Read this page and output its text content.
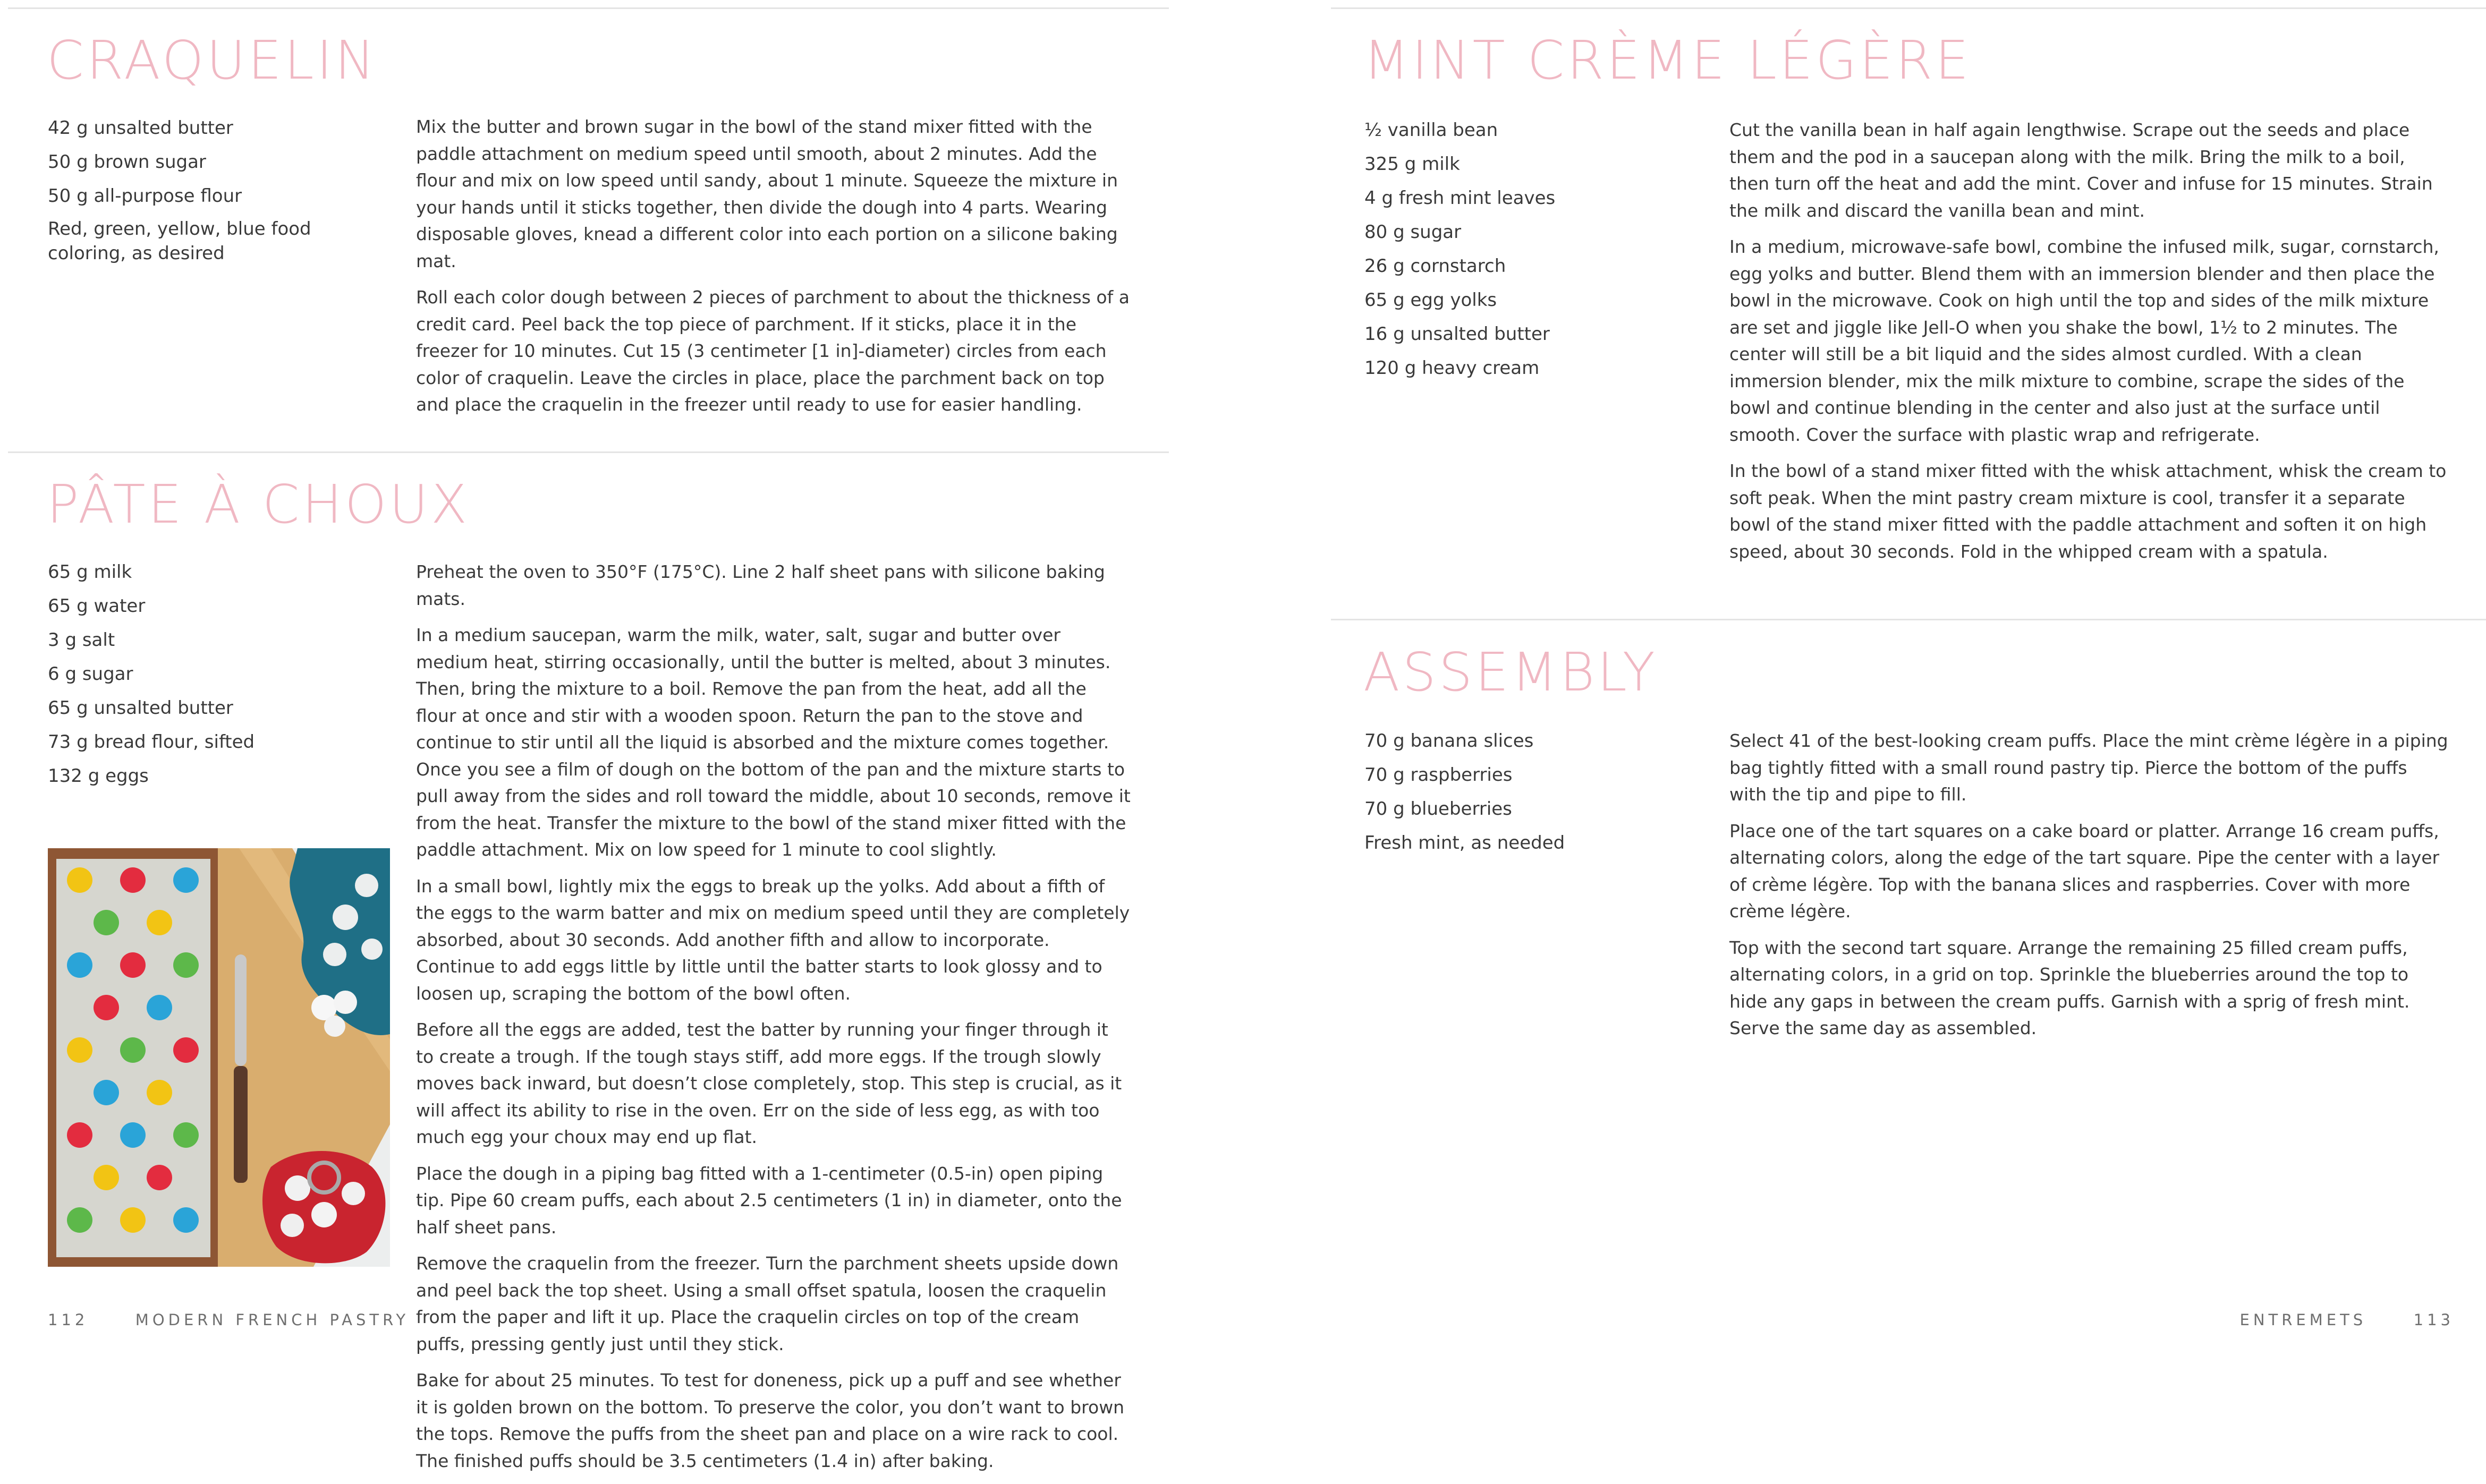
CRAQUELIN
42 g unsalted butter
50 g brown sugar
50 g all-purpose flour
Red, green, yellow, blue food coloring, as desired

Mix the butter and brown sugar in the bowl of the stand mixer fitted with the paddle attachment on medium speed until smooth, about 2 minutes. Add the flour and mix on low speed until sandy, about 1 minute. Squeeze the mixture in your hands until it sticks together, then divide the dough into 4 parts. Wearing disposable gloves, knead a different color into each portion on a silicone baking mat.

Roll each color dough between 2 pieces of parchment to about the thickness of a credit card. Peel back the top piece of parchment. If it sticks, place it in the freezer for 10 minutes. Cut 15 (3 centimeter [1 in]-diameter) circles from each color of craquelin. Leave the circles in place, place the parchment back on top and place the craquelin in the freezer until ready to use for easier handling.

PÂTE À CHOUX
65 g milk
65 g water
3 g salt
6 g sugar
65 g unsalted butter
73 g bread flour, sifted
132 g eggs

Preheat the oven to 350°F (175°C). Line 2 half sheet pans with silicone baking mats.

In a medium saucepan, warm the milk, water, salt, sugar and butter over medium heat, stirring occasionally, until the butter is melted, about 3 minutes. Then, bring the mixture to a boil. Remove the pan from the heat, add all the flour at once and stir with a wooden spoon. Return the pan to the stove and continue to stir until all the liquid is absorbed and the mixture comes together. Once you see a film of dough on the bottom of the pan and the mixture starts to pull away from the sides and roll toward the middle, about 10 seconds, remove it from the heat. Transfer the mixture to the bowl of the stand mixer fitted with the paddle attachment. Mix on low speed for 1 minute to cool slightly.

In a small bowl, lightly mix the eggs to break up the yolks. Add about a fifth of the eggs to the warm batter and mix on medium speed until they are completely absorbed, about 30 seconds. Add another fifth and allow to incorporate. Continue to add eggs little by little until the batter starts to look glossy and to loosen up, scraping the bottom of the bowl often.

Before all the eggs are added, test the batter by running your finger through it to create a trough. If the tough stays stiff, add more eggs. If the trough slowly moves back inward, but doesn’t close completely, stop. This step is crucial, as it will affect its ability to rise in the oven. Err on the side of less egg, as with too much egg your choux may end up flat.

Place the dough in a piping bag fitted with a 1-centimeter (0.5-in) open piping tip. Pipe 60 cream puffs, each about 2.5 centimeters (1 in) in diameter, onto the half sheet pans.

Remove the craquelin from the freezer. Turn the parchment sheets upside down and peel back the top sheet. Using a small offset spatula, loosen the craquelin from the paper and lift it up. Place the craquelin circles on top of the cream puffs, pressing gently just until they stick.

Bake for about 25 minutes. To test for doneness, pick up a puff and see whether it is golden brown on the bottom. To preserve the color, you don’t want to brown the tops. Remove the puffs from the sheet pan and place on a wire rack to cool. The finished puffs should be 3.5 centimeters (1.4 in) after baking.

112	MODERN FRENCH PASTRY
MINT CRÈME LÉGÈRE
½ vanilla bean
325 g milk
4 g fresh mint leaves
80 g sugar
26 g cornstarch
65 g egg yolks
16 g unsalted butter
120 g heavy cream

Cut the vanilla bean in half again lengthwise. Scrape out the seeds and place them and the pod in a saucepan along with the milk. Bring the milk to a boil, then turn off the heat and add the mint. Cover and infuse for 15 minutes. Strain the milk and discard the vanilla bean and mint.

In a medium, microwave-safe bowl, combine the infused milk, sugar, cornstarch, egg yolks and butter. Blend them with an immersion blender and then place the bowl in the microwave. Cook on high until the top and sides of the milk mixture are set and jiggle like Jell-O when you shake the bowl, 1½ to 2 minutes. The center will still be a bit liquid and the sides almost curdled. With a clean immersion blender, mix the milk mixture to combine, scrape the sides of the bowl and continue blending in the center and also just at the surface until smooth. Cover the surface with plastic wrap and refrigerate.

In the bowl of a stand mixer fitted with the whisk attachment, whisk the cream to soft peak. When the mint pastry cream mixture is cool, transfer it a separate bowl of the stand mixer fitted with the paddle attachment and soften it on high speed, about 30 seconds. Fold in the whipped cream with a spatula.

ASSEMBLY
70 g banana slices
70 g raspberries
70 g blueberries
Fresh mint, as needed

Select 41 of the best-looking cream puffs. Place the mint crème légère in a piping bag tightly fitted with a small round pastry tip. Pierce the bottom of the puffs with the tip and pipe to fill.

Place one of the tart squares on a cake board or platter. Arrange 16 cream puffs, alternating colors, along the edge of the tart square. Pipe the center with a layer of crème légère. Top with the banana slices and raspberries. Cover with more crème légère.

Top with the second tart square. Arrange the remaining 25 filled cream puffs, alternating colors, in a grid on top. Sprinkle the blueberries around the top to hide any gaps in between the cream puffs. Garnish with a sprig of fresh mint. Serve the same day as assembled.

ENTREMETS	113
